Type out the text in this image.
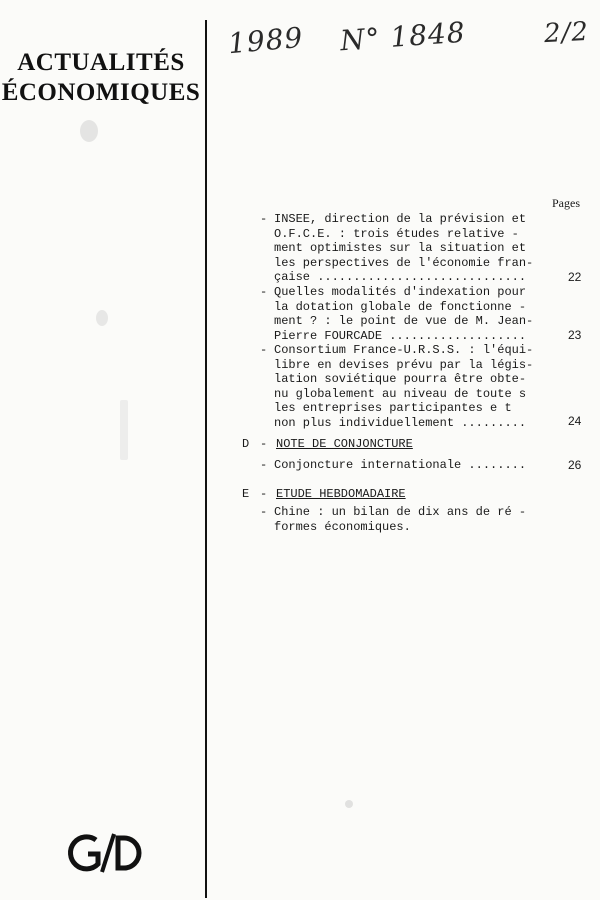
ACTUALITÉS
ÉCONOMIQUES
1989 N° 1848	2/2
Pages
- INSEE, direction de la prévision et
O.F.C.E. : trois études relative -
ment optimistes sur la situation et
les perspectives de l'économie fran-
çaise .............................	22
- Quelles modalités d'indexation pour
la dotation globale de fonctionne -
ment ? : le point de vue de M. Jean-
Pierre FOURCADE ...................	23
- Consortium France-U.R.S.S. : l'équi-
libre en devises prévu par la légis-
lation soviétique pourra être obte-
nu globalement au niveau de toute s
les entreprises participantes e t
non plus individuellement .........	24
D - NOTE DE CONJONCTURE
- Conjoncture internationale ........	26
E - ETUDE HEBDOMADAIRE
- Chine : un bilan de dix ans de ré -
formes économiques.
